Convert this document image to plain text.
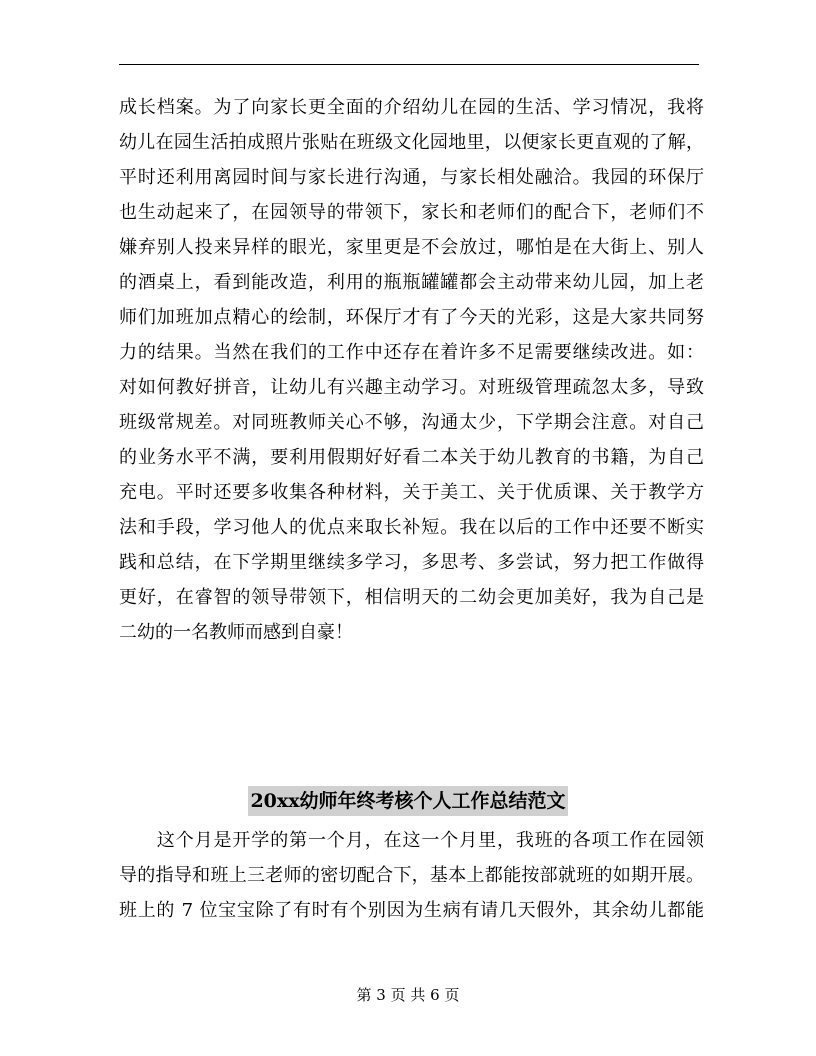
成长档案。为了向家长更全面的介绍幼儿在园的生活、学习情况，我将
幼儿在园生活拍成照片张贴在班级文化园地里，以便家长更直观的了解，
平时还利用离园时间与家长进行沟通，与家长相处融洽。我园的环保厅
也生动起来了，在园领导的带领下，家长和老师们的配合下，老师们不
嫌弃别人投来异样的眼光，家里更是不会放过，哪怕是在大街上、别人
的酒桌上，看到能改造，利用的瓶瓶罐罐都会主动带来幼儿园，加上老
师们加班加点精心的绘制，环保厅才有了今天的光彩，这是大家共同努
力的结果。当然在我们的工作中还存在着许多不足需要继续改进。如：
对如何教好拼音，让幼儿有兴趣主动学习。对班级管理疏忽太多，导致
班级常规差。对同班教师关心不够，沟通太少，下学期会注意。对自己
的业务水平不满，要利用假期好好看二本关于幼儿教育的书籍，为自己
充电。平时还要多收集各种材料，关于美工、关于优质课、关于教学方
法和手段，学习他人的优点来取长补短。我在以后的工作中还要不断实
践和总结，在下学期里继续多学习，多思考、多尝试，努力把工作做得
更好，在睿智的领导带领下，相信明天的二幼会更加美好，我为自己是
二幼的一名教师而感到自豪！
20xx幼师年终考核个人工作总结范文
　　这个月是开学的第一个月，在这一个月里，我班的各项工作在园领
导的指导和班上三老师的密切配合下，基本上都能按部就班的如期开展。
班上的 7 位宝宝除了有时有个别因为生病有请几天假外，其余幼儿都能
第 3 页 共 6 页
